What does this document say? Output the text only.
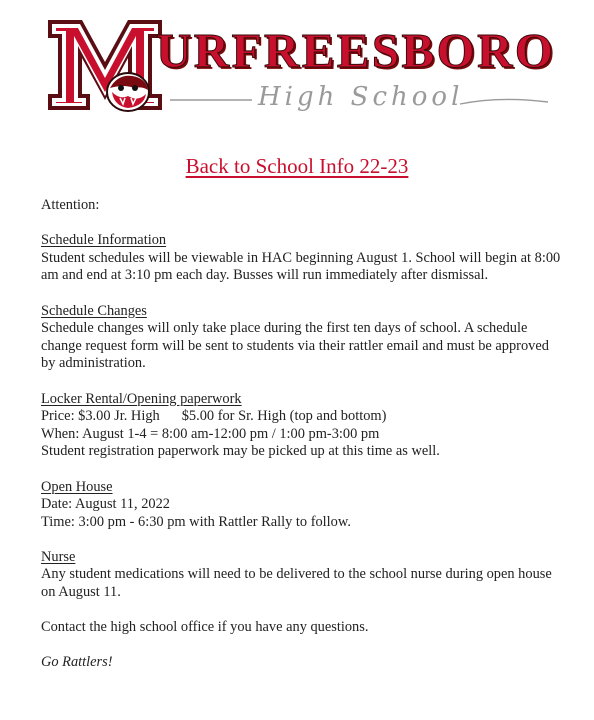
URFREESBORO
High School
Back to School Info 22-23

Attention:

Schedule Information
Student schedules will be viewable in HAC beginning August 1. School will begin at 8:00 am and end at 3:10 pm each day. Busses will run immediately after dismissal.

Schedule Changes
Schedule changes will only take place during the first ten days of school. A schedule change request form will be sent to students via their rattler email and must be approved by administration.

Locker Rental/Opening paperwork
Price: $3.00 Jr. High $5.00 for Sr. High (top and bottom)
When: August 1-4 = 8:00 am-12:00 pm / 1:00 pm-3:00 pm
Student registration paperwork may be picked up at this time as well.

Open House
Date: August 11, 2022
Time: 3:00 pm - 6:30 pm with Rattler Rally to follow.

Nurse
Any student medications will need to be delivered to the school nurse during open house on August 11.

Contact the high school office if you have any questions.

Go Rattlers!
